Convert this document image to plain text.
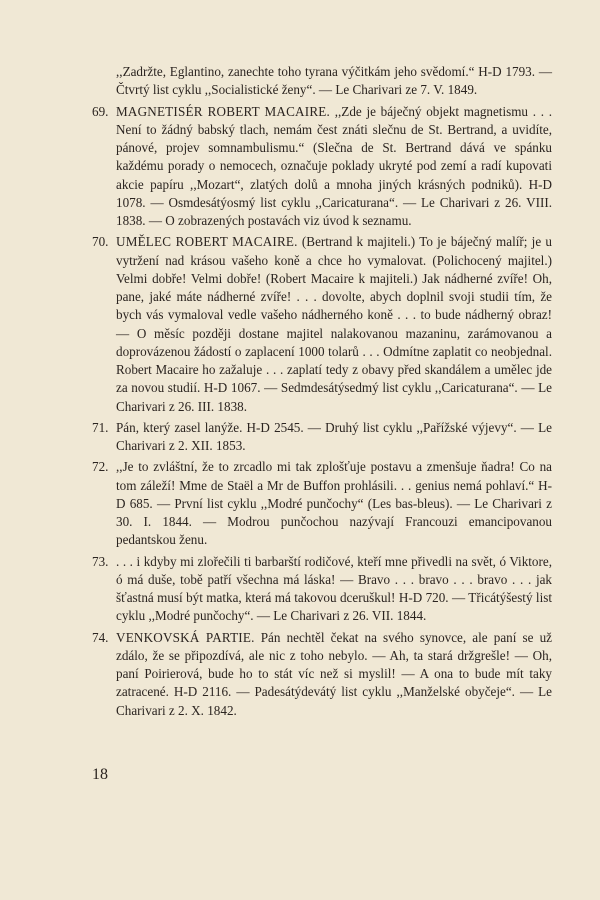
,,Zadržte, Eglantino, zanechte toho tyrana výčitkám jeho svědomí.“ H-D 1793. — Čtvrtý list cyklu ,,Socialistické ženy“. — Le Charivari ze 7. V. 1849.
69. MAGNETISÉR ROBERT MACAIRE. ,,Zde je báječný objekt magnetismu . . . Není to žádný babský tlach, nemám čest znáti slečnu de St. Bertrand, a uvidíte, pánové, projev somnambulismu.“ (Slečna de St. Bertrand dává ve spánku každému porady o nemocech, označuje poklady ukryté pod zemí a radí kupovati akcie papíru ,,Mozart“, zlatých dolů a mnoha jiných krásných podniků). H-D 1078. — Osmdesátýosmý list cyklu ,,Caricaturana“. — Le Charivari z 26. VIII. 1838. — O zobrazených postavách viz úvod k seznamu.
70. UMĚLEC ROBERT MACAIRE. (Bertrand k majiteli.) To je báječný malíř; je u vytržení nad krásou vašeho koně a chce ho vymalovat. (Polichocený majitel.) Velmi dobře! Velmi dobře! (Robert Macaire k majiteli.) Jak nádherné zvíře! Oh, pane, jaké máte nádherné zvíře! . . . dovolte, abych doplnil svoji studii tím, že bych vás vymaloval vedle vašeho nádherného koně . . . to bude nádherný obraz! — O měsíc později dostane majitel nalakovanou mazaninu, zarámovanou a doprovázenou žádostí o zaplacení 1000 tolarů . . . Odmítne zaplatit co neobjednal. Robert Macaire ho zažaluje . . . zaplatí tedy z obavy před skandálem a umělec jde za novou studií. H-D 1067. — Sedmdesátýsedmý list cyklu ,,Caricaturana“. — Le Charivari z 26. III. 1838.
71. Pán, který zasel lanýže. H-D 2545. — Druhý list cyklu ,,Pařížské výjevy“. — Le Charivari z 2. XII. 1853.
72. ,,Je to zvláštní, že to zrcadlo mi tak zplošťuje postavu a zmenšuje ňadra! Co na tom záleží! Mme de Staël a Mr de Buffon prohlásili. . . genius nemá pohlaví.“ H-D 685. — První list cyklu ,,Modré punčochy“ (Les bas-bleus). — Le Charivari z 30. I. 1844. — Modrou punčochou nazývají Francouzi emancipovanou pedantskou ženu.
73. . . . i kdyby mi zlořečili ti barbarští rodičové, kteří mne přivedli na svět, ó Viktore, ó má duše, tobě patří všechna má láska! — Bravo . . . bravo . . . bravo . . . jak šťastná musí být matka, která má takovou dceruškul! H-D 720. — Třicátýšestý list cyklu ,,Modré punčochy“. — Le Charivari z 26. VII. 1844.
74. VENKOVSKÁ PARTIE. Pán nechtěl čekat na svého synovce, ale paní se už zdálo, že se připozdívá, ale nic z toho nebylo. — Ah, ta stará držgrešle! — Oh, paní Poirierová, bude ho to stát víc než si myslil! — A ona to bude mít taky zatracené. H-D 2116. — Padesátýdevátý list cyklu ,,Manželské obyčeje“. — Le Charivari z 2. X. 1842.
18
